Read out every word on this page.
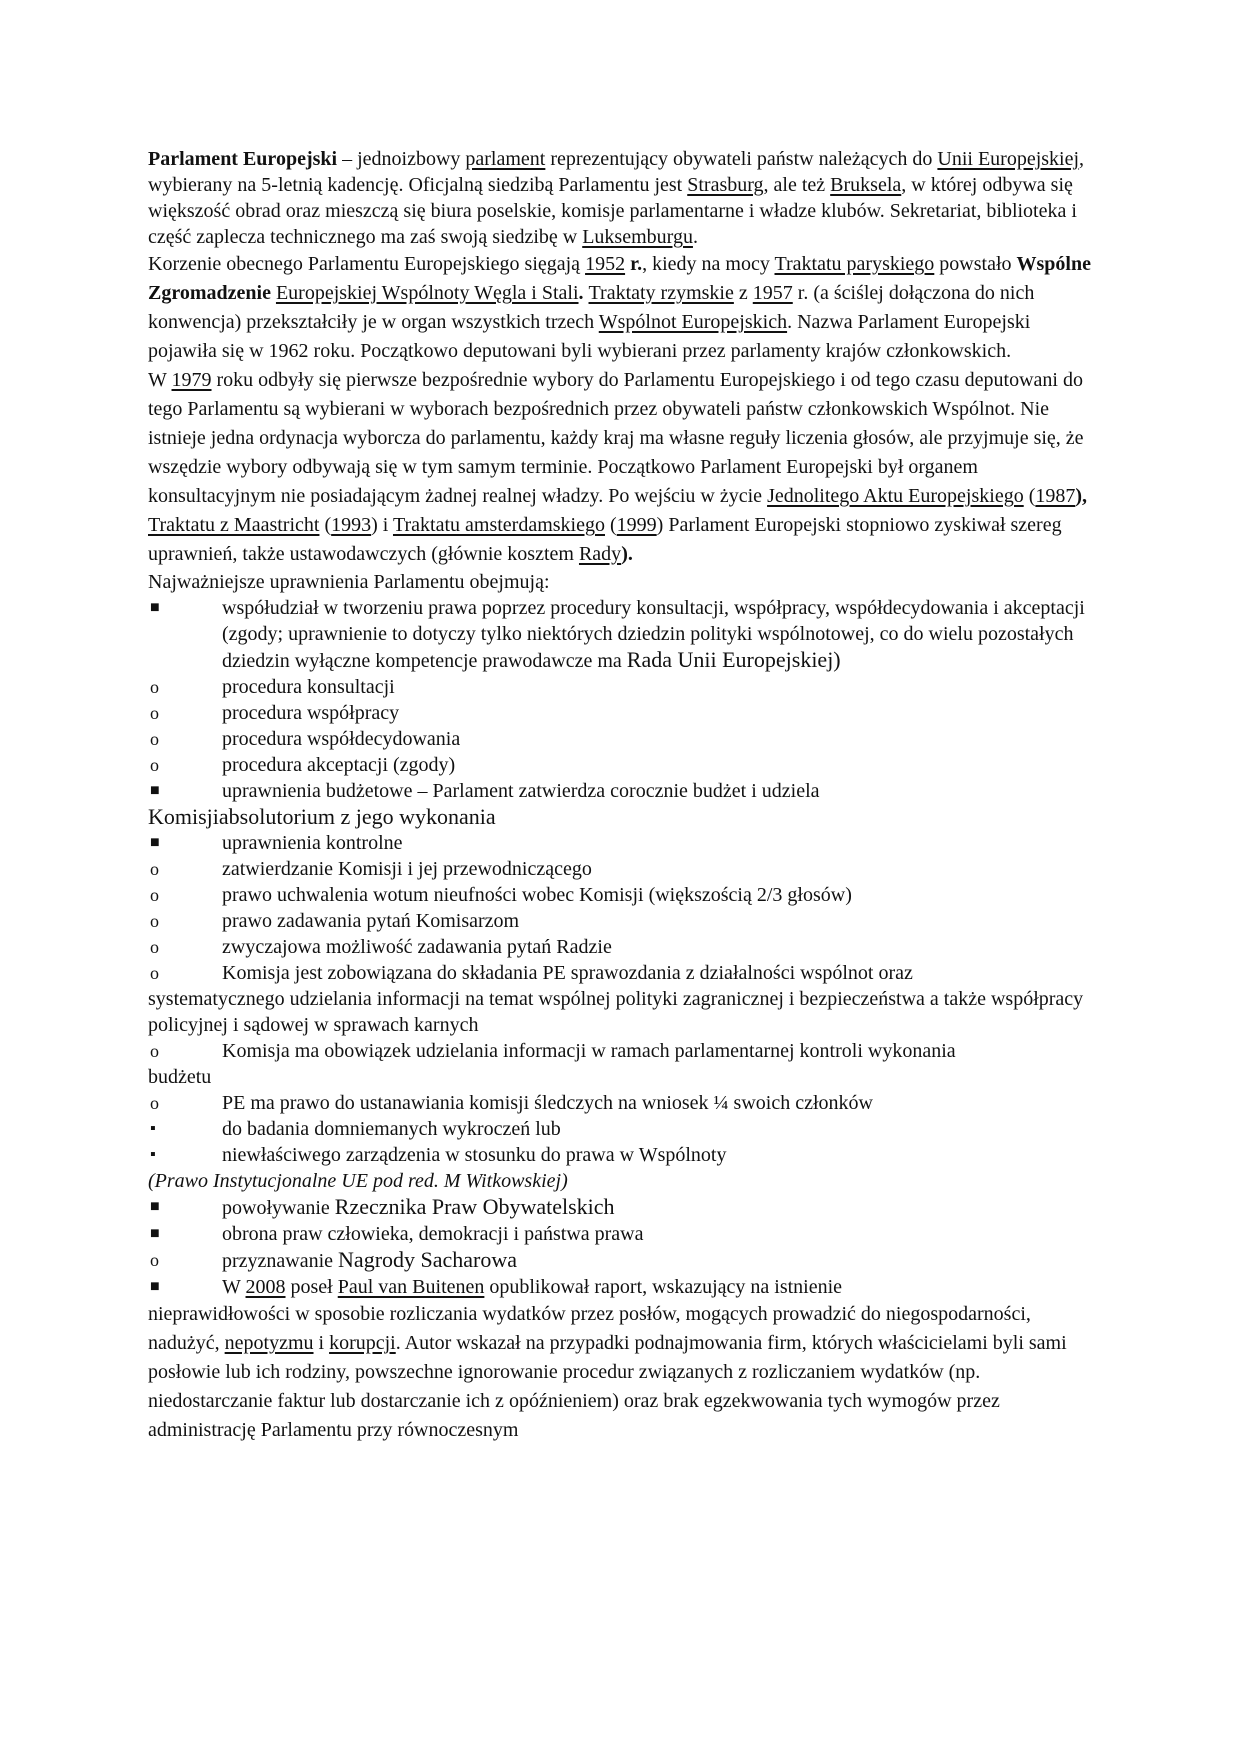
Parlament Europejski – jednoizbowy parlament reprezentujący obywateli państw należących do Unii Europejskiej, wybierany na 5-letnią kadencję. Oficjalną siedzibą Parlamentu jest Strasburg, ale też Bruksela, w której odbywa się większość obrad oraz mieszczą się biura poselskie, komisje parlamentarne i władze klubów. Sekretariat, biblioteka i część zaplecza technicznego ma zaś swoją siedzibę w Luksemburgu.

Korzenie obecnego Parlamentu Europejskiego sięgają 1952 r., kiedy na mocy Traktatu paryskiego powstało Wspólne Zgromadzenie Europejskiej Wspólnoty Węgla i Stali. Traktaty rzymskie z 1957 r. (a ściślej dołączona do nich konwencja) przekształciły je w organ wszystkich trzech Wspólnot Europejskich. Nazwa Parlament Europejski pojawiła się w 1962 roku. Początkowo deputowani byli wybierani przez parlamenty krajów członkowskich.

W 1979 roku odbyły się pierwsze bezpośrednie wybory do Parlamentu Europejskiego i od tego czasu deputowani do tego Parlamentu są wybierani w wyborach bezpośrednich przez obywateli państw członkowskich Wspólnot. Nie istnieje jedna ordynacja wyborcza do parlamentu, każdy kraj ma własne reguły liczenia głosów, ale przyjmuje się, że wszędzie wybory odbywają się w tym samym terminie. Początkowo Parlament Europejski był organem konsultacyjnym nie posiadającym żadnej realnej władzy. Po wejściu w życie Jednolitego Aktu Europejskiego (1987), Traktatu z Maastricht (1993) i Traktatu amsterdamskiego (1999) Parlament Europejski stopniowo zyskiwał szereg uprawnień, także ustawodawczych (głównie kosztem Rady).

Najważniejsze uprawnienia Parlamentu obejmują:

■	współudział w tworzeniu prawa poprzez procedury konsultacji, współpracy, współdecydowania i akceptacji (zgody; uprawnienie to dotyczy tylko niektórych dziedzin polityki wspólnotowej, co do wielu pozostałych dziedzin wyłączne kompetencje prawodawcze ma Rada Unii Europejskiej)

o	procedura konsultacji

o	procedura współpracy

o	procedura współdecydowania

o	procedura akceptacji (zgody)

■	uprawnienia budżetowe – Parlament zatwierdza corocznie budżet i udziela

Komisjiabsolutorium z jego wykonania

■	uprawnienia kontrolne

o	zatwierdzanie Komisji i jej przewodniczącego

o	prawo uchwalenia wotum nieufności wobec Komisji (większością 2/3 głosów)

o	prawo zadawania pytań Komisarzom

o	zwyczajowa możliwość zadawania pytań Radzie

o	Komisja jest zobowiązana do składania PE sprawozdania z działalności wspólnot oraz

systematycznego udzielania informacji na temat wspólnej polityki zagranicznej i bezpieczeństwa a także współpracy policyjnej i sądowej w sprawach karnych

o	Komisja ma obowiązek udzielania informacji w ramach parlamentarnej kontroli wykonania

budżetu

o	PE ma prawo do ustanawiania komisji śledczych na wniosek ¼ swoich członków

▪	do badania domniemanych wykroczeń lub

▪	niewłaściwego zarządzenia w stosunku do prawa w Wspólnoty

(Prawo Instytucjonalne UE pod red. M Witkowskiej)

■	powoływanie Rzecznika Praw Obywatelskich

■	obrona praw człowieka, demokracji i państwa prawa

o	przyznawanie Nagrody Sacharowa

■	W 2008 poseł Paul van Buitenen opublikował raport, wskazujący na istnienie

nieprawidłowości w sposobie rozliczania wydatków przez posłów, mogących prowadzić do niegospodarności, nadużyć, nepotyzmu i korupcji. Autor wskazał na przypadki podnajmowania firm, których właścicielami byli sami posłowie lub ich rodziny, powszechne ignorowanie procedur związanych z rozliczaniem wydatków (np. niedostarczanie faktur lub dostarczanie ich z opóźnieniem) oraz brak egzekwowania tych wymogów przez administrację Parlamentu przy równoczesnym
